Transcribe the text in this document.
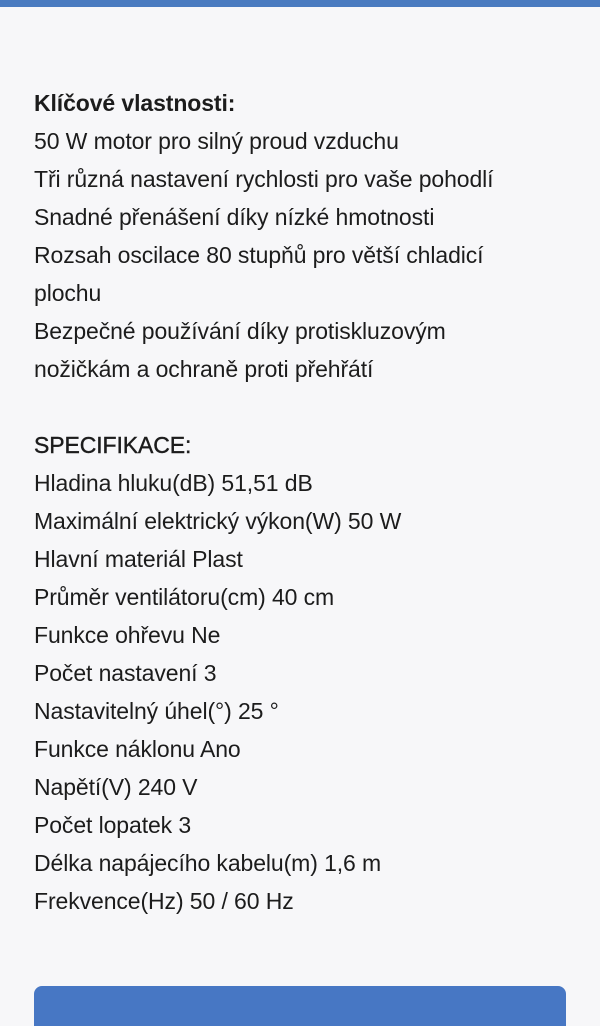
Klíčové vlastnosti:

50 W motor pro silný proud vzduchu

Tři různá nastavení rychlosti pro vaše pohodlí

Snadné přenášení díky nízké hmotnosti

Rozsah oscilace 80 stupňů pro větší chladicí plochu

Bezpečné používání díky protiskluzovým nožičkám a ochraně proti přehřátí

SPECIFIKACE:

Hladina hluku(dB) 51,51 dB

Maximální elektrický výkon(W) 50 W

Hlavní materiál Plast

Průměr ventilátoru(cm) 40 cm

Funkce ohřevu Ne

Počet nastavení 3

Nastavitelný úhel(°) 25 °

Funkce náklonu Ano

Napětí(V) 240 V

Počet lopatek 3

Délka napájecího kabelu(m) 1,6 m

Frekvence(Hz) 50 / 60 Hz
